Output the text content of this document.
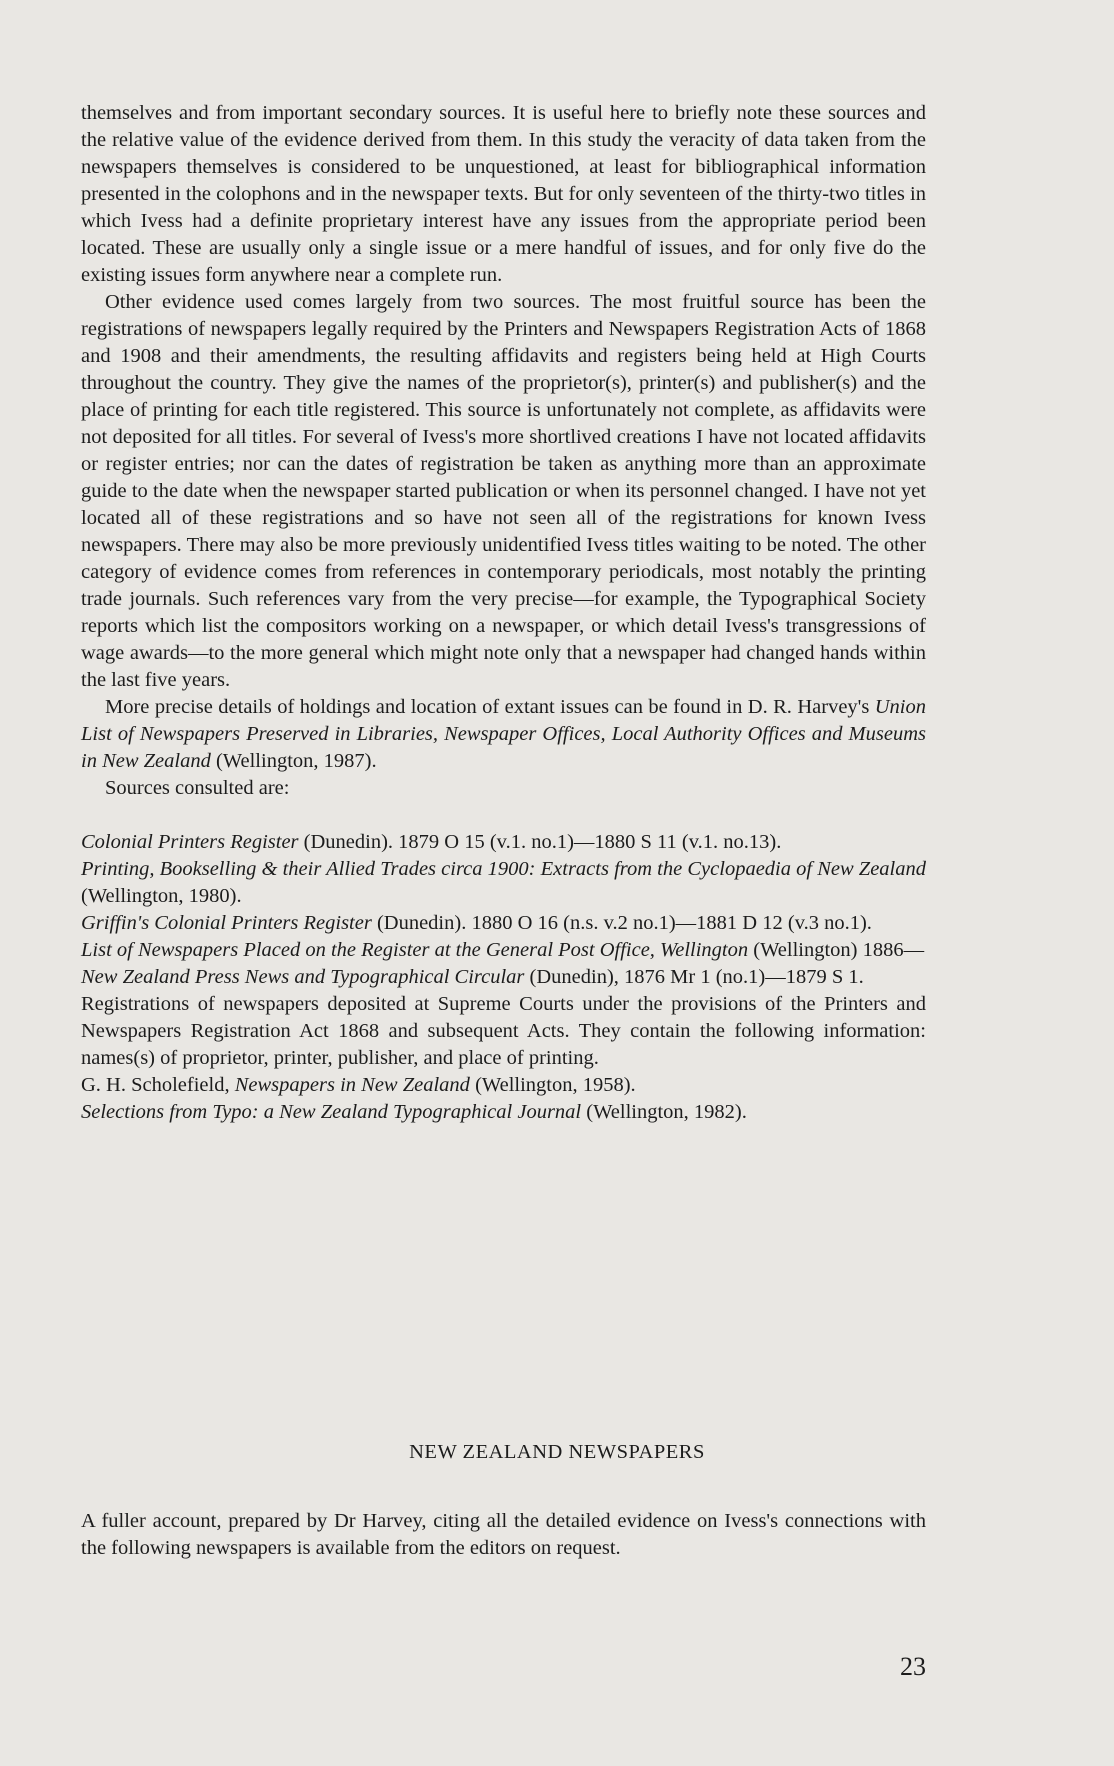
themselves and from important secondary sources. It is useful here to briefly note these sources and the relative value of the evidence derived from them. In this study the veracity of data taken from the newspapers themselves is considered to be unquestioned, at least for bibliographical information presented in the colophons and in the newspaper texts. But for only seventeen of the thirty-two titles in which Ivess had a definite proprietary interest have any issues from the appropriate period been located. These are usually only a single issue or a mere handful of issues, and for only five do the existing issues form anywhere near a complete run.

Other evidence used comes largely from two sources. The most fruitful source has been the registrations of newspapers legally required by the Printers and Newspapers Registration Acts of 1868 and 1908 and their amendments, the resulting affidavits and registers being held at High Courts throughout the country. They give the names of the proprietor(s), printer(s) and publisher(s) and the place of printing for each title registered. This source is unfortunately not complete, as affidavits were not deposited for all titles. For several of Ivess's more shortlived creations I have not located affidavits or register entries; nor can the dates of registration be taken as anything more than an approximate guide to the date when the newspaper started publication or when its personnel changed. I have not yet located all of these registrations and so have not seen all of the registrations for known Ivess newspapers. There may also be more previously unidentified Ivess titles waiting to be noted. The other category of evidence comes from references in contemporary periodicals, most notably the printing trade journals. Such references vary from the very precise—for example, the Typographical Society reports which list the compositors working on a newspaper, or which detail Ivess's transgressions of wage awards—to the more general which might note only that a newspaper had changed hands within the last five years.

More precise details of holdings and location of extant issues can be found in D. R. Harvey's Union List of Newspapers Preserved in Libraries, Newspaper Offices, Local Authority Offices and Museums in New Zealand (Wellington, 1987).

Sources consulted are:

Colonial Printers Register (Dunedin). 1879 O 15 (v.1. no.1)—1880 S 11 (v.1. no.13).

Printing, Bookselling & their Allied Trades circa 1900: Extracts from the Cyclopaedia of New Zealand (Wellington, 1980).

Griffin's Colonial Printers Register (Dunedin). 1880 O 16 (n.s. v.2 no.1)—1881 D 12 (v.3 no.1).

List of Newspapers Placed on the Register at the General Post Office, Wellington (Wellington) 1886—

New Zealand Press News and Typographical Circular (Dunedin), 1876 Mr 1 (no.1)—1879 S 1.

Registrations of newspapers deposited at Supreme Courts under the provisions of the Printers and Newspapers Registration Act 1868 and subsequent Acts. They contain the following information: names(s) of proprietor, printer, publisher, and place of printing.

G. H. Scholefield, Newspapers in New Zealand (Wellington, 1958).

Selections from Typo: a New Zealand Typographical Journal (Wellington, 1982).

NEW ZEALAND NEWSPAPERS

A fuller account, prepared by Dr Harvey, citing all the detailed evidence on Ivess's connections with the following newspapers is available from the editors on request.

23
